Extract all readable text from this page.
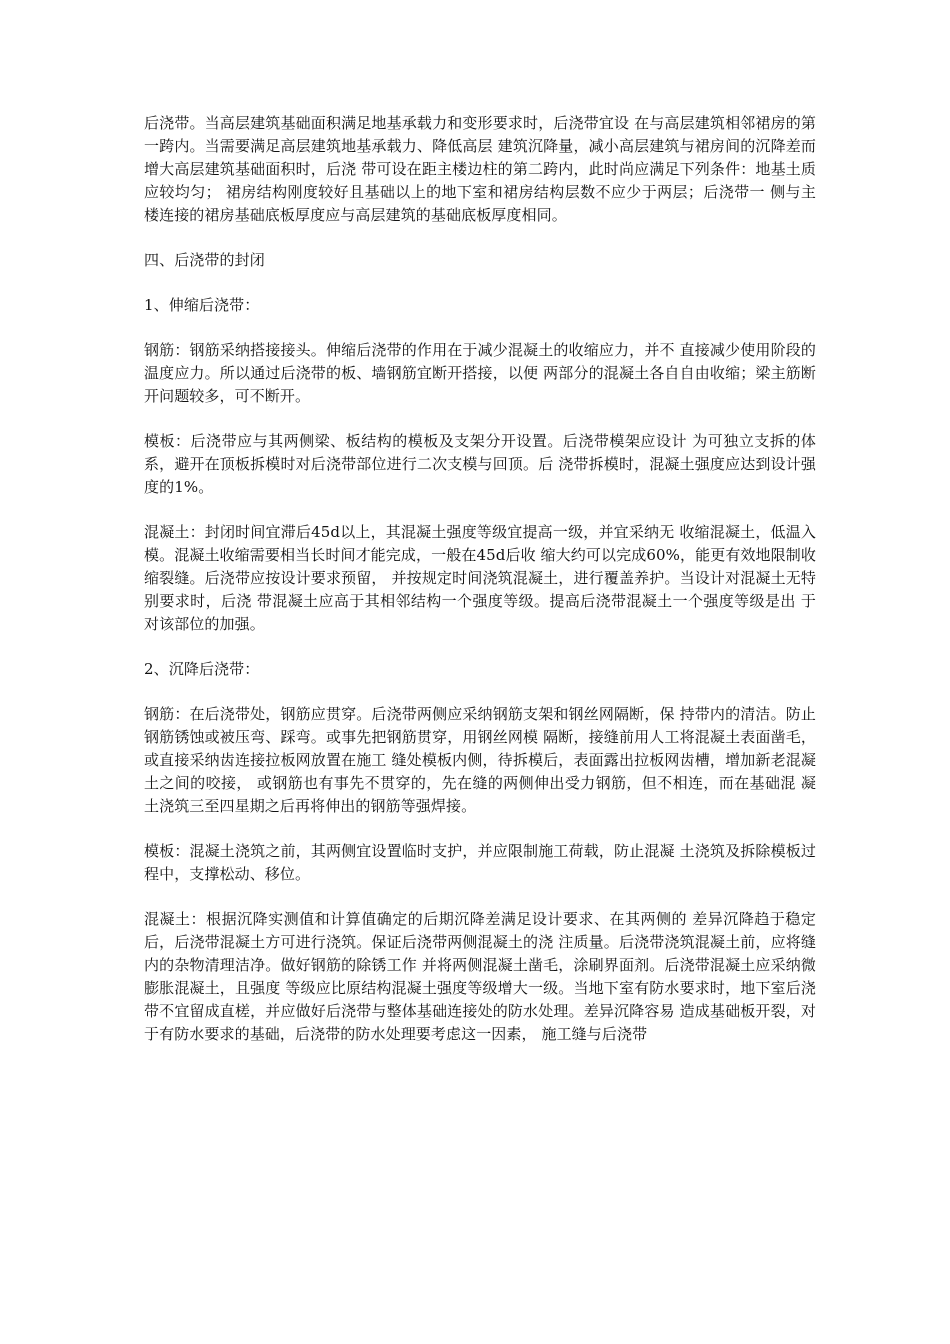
后浇带。当高层建筑基础面积满足地基承载力和变形要求时，后浇带宜设 在与高层建筑相邻裙房的第一跨内。当需要满足高层建筑地基承载力、降低高层 建筑沉降量，减小高层建筑与裙房间的沉降差而增大高层建筑基础面积时，后浇 带可设在距主楼边柱的第二跨内，此时尚应满足下列条件：地基土质应较均匀； 裙房结构刚度较好且基础以上的地下室和裙房结构层数不应少于两层；后浇带一 侧与主楼连接的裙房基础底板厚度应与高层建筑的基础底板厚度相同。

四、后浇带的封闭

1、伸缩后浇带：

钢筋：钢筋采纳搭接接头。伸缩后浇带的作用在于减少混凝土的收缩应力，并不 直接减少使用阶段的温度应力。所以通过后浇带的板、墙钢筋宜断开搭接，以便 两部分的混凝土各自自由收缩；梁主筋断开问题较多，可不断开。

模板：后浇带应与其两侧梁、板结构的模板及支架分开设置。后浇带模架应设计 为可独立支拆的体系，避开在顶板拆模时对后浇带部位进行二次支模与回顶。后 浇带拆模时，混凝土强度应达到设计强度的1%。

混凝土：封闭时间宜滞后45d以上，其混凝土强度等级宜提高一级，并宜采纳无 收缩混凝土，低温入模。混凝土收缩需要相当长时间才能完成，一般在45d后收 缩大约可以完成60%，能更有效地限制收缩裂缝。后浇带应按设计要求预留， 并按规定时间浇筑混凝土，进行覆盖养护。当设计对混凝土无特别要求时，后浇 带混凝土应高于其相邻结构一个强度等级。提高后浇带混凝土一个强度等级是出 于对该部位的加强。

2、沉降后浇带：

钢筋：在后浇带处，钢筋应贯穿。后浇带两侧应采纳钢筋支架和钢丝网隔断，保 持带内的清洁。防止钢筋锈蚀或被压弯、踩弯。或事先把钢筋贯穿，用钢丝网模 隔断，接缝前用人工将混凝土表面凿毛，或直接采纳齿连接拉板网放置在施工 缝处模板内侧，待拆模后，表面露出拉板网齿槽，增加新老混凝土之间的咬接， 或钢筋也有事先不贯穿的，先在缝的两侧伸出受力钢筋，但不相连，而在基础混 凝土浇筑三至四星期之后再将伸出的钢筋等强焊接。

模板：混凝土浇筑之前，其两侧宜设置临时支护，并应限制施工荷载，防止混凝 土浇筑及拆除模板过程中，支撑松动、移位。

混凝土：根据沉降实测值和计算值确定的后期沉降差满足设计要求、在其两侧的 差异沉降趋于稳定后，后浇带混凝土方可进行浇筑。保证后浇带两侧混凝土的浇 注质量。后浇带浇筑混凝土前，应将缝内的杂物清理洁净。做好钢筋的除锈工作 并将两侧混凝土凿毛，涂刷界面剂。后浇带混凝土应采纳微膨胀混凝土，且强度 等级应比原结构混凝土强度等级增大一级。当地下室有防水要求时，地下室后浇 带不宜留成直槎，并应做好后浇带与整体基础连接处的防水处理。差异沉降容易 造成基础板开裂，对于有防水要求的基础，后浇带的防水处理要考虑这一因素， 施工缝与后浇带
